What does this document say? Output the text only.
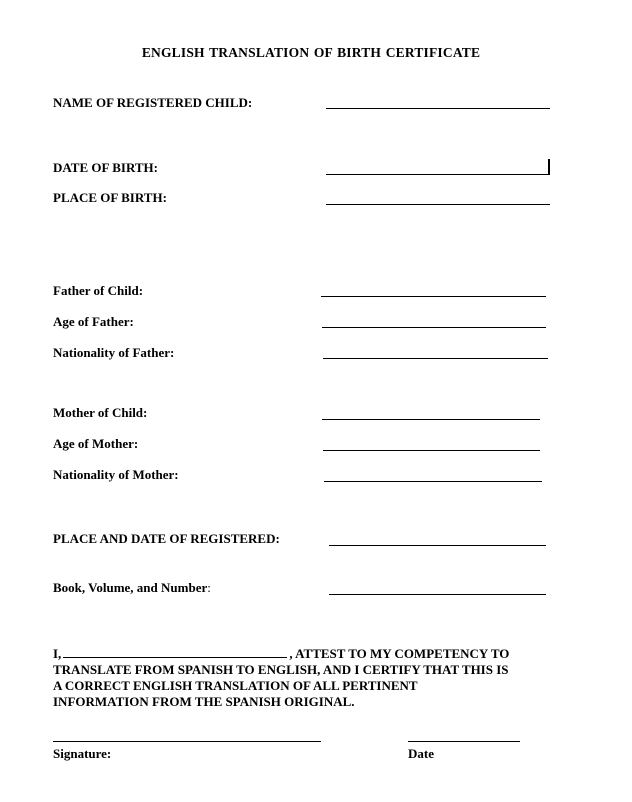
ENGLISH TRANSLATION OF BIRTH CERTIFICATE
NAME OF REGISTERED CHILD:
DATE OF BIRTH:
PLACE OF BIRTH:
Father of Child:
Age of Father:
Nationality of Father:
Mother of Child:
Age of Mother:
Nationality of Mother:
PLACE AND DATE OF REGISTERED:
Book, Volume, and Number:
I,	, ATTEST TO MY COMPETENCY TO
TRANSLATE FROM SPANISH TO ENGLISH, AND I CERTIFY THAT THIS IS
A CORRECT ENGLISH TRANSLATION OF ALL PERTINENT
INFORMATION FROM THE SPANISH ORIGINAL.
Signature:	Date
